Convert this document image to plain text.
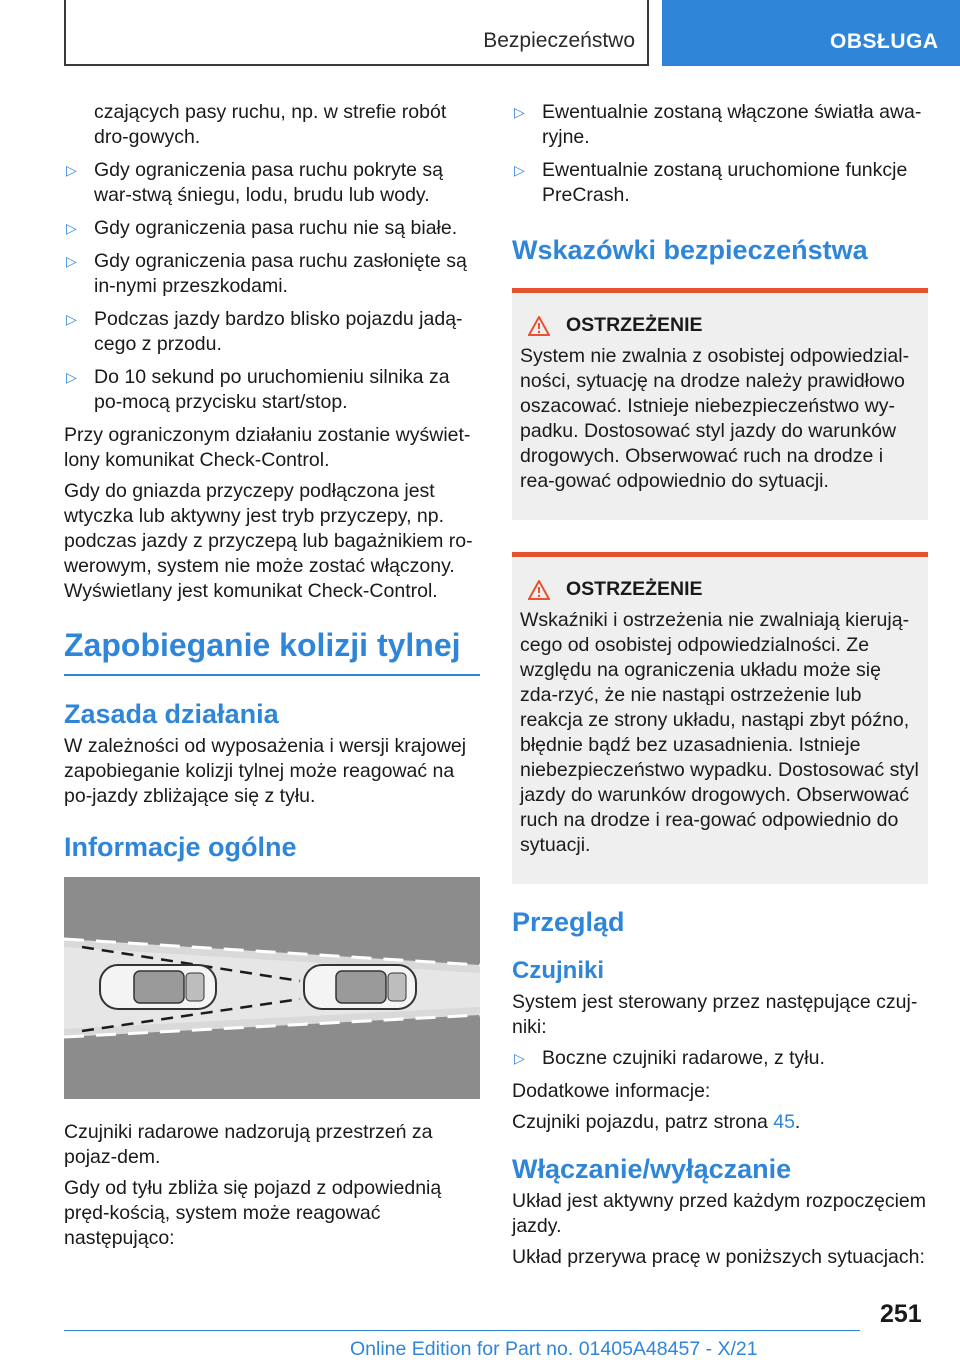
Bezpieczeństwo	OBSŁUGA
czających pasy ruchu, np. w strefie robót dro-gowych.
▷ Gdy ograniczenia pasa ruchu pokryte są war-stwą śniegu, lodu, brudu lub wody.
▷ Gdy ograniczenia pasa ruchu nie są białe.
▷ Gdy ograniczenia pasa ruchu zasłonięte są in-nymi przeszkodami.
▷ Podczas jazdy bardzo blisko pojazdu jadą-cego z przodu.
▷ Do 10 sekund po uruchomieniu silnika za po-mocą przycisku start/stop.

Przy ograniczonym działaniu zostanie wyświet-lony komunikat Check-Control.

Gdy do gniazda przyczepy podłączona jest wtyczka lub aktywny jest tryb przyczepy, np. podczas jazdy z przyczepą lub bagażnikiem ro-werowym, system nie może zostać włączony. Wyświetlany jest komunikat Check-Control.

Zapobieganie kolizji tylnej
Zasada działania

W zależności od wyposażenia i wersji krajowej zapobieganie kolizji tylnej może reagować na po-jazdy zbliżające się z tyłu.

Informacje ogólne

Czujniki radarowe nadzorują przestrzeń za pojaz-dem.

Gdy od tyłu zbliża się pojazd z odpowiednią pręd-kością, system może reagować następująco:

▷ Ewentualnie zostaną włączone światła awa-ryjne.
▷ Ewentualnie zostaną uruchomione funkcje PreCrash.
Wskazówki bezpieczeństwa
OSTRZEŻENIE
System nie zwalnia z osobistej odpowiedzial-ności, sytuację na drodze należy prawidłowo oszacować. Istnieje niebezpieczeństwo wy-padku. Dostosować styl jazdy do warunków drogowych. Obserwować ruch na drodze i rea-gować odpowiednio do sytuacji.
OSTRZEŻENIE
Wskaźniki i ostrzeżenia nie zwalniają kierują-cego od osobistej odpowiedzialności. Ze względu na ograniczenia układu może się zda-rzyć, że nie nastąpi ostrzeżenie lub reakcja ze strony układu, nastąpi zbyt późno, błędnie bądź bez uzasadnienia. Istnieje niebezpieczeństwo wypadku. Dostosować styl jazdy do warunków drogowych. Obserwować ruch na drodze i rea-gować odpowiednio do sytuacji.
Przegląd
Czujniki

System jest sterowany przez następujące czuj-niki:

▷ Boczne czujniki radarowe, z tyłu.

Dodatkowe informacje:

Czujniki pojazdu, patrz strona 45.

Włączanie/wyłączanie

Układ jest aktywny przed każdym rozpoczęciem jazdy.

Układ przerywa pracę w poniższych sytuacjach:

251
Online Edition for Part no. 01405A48457 - X/21
